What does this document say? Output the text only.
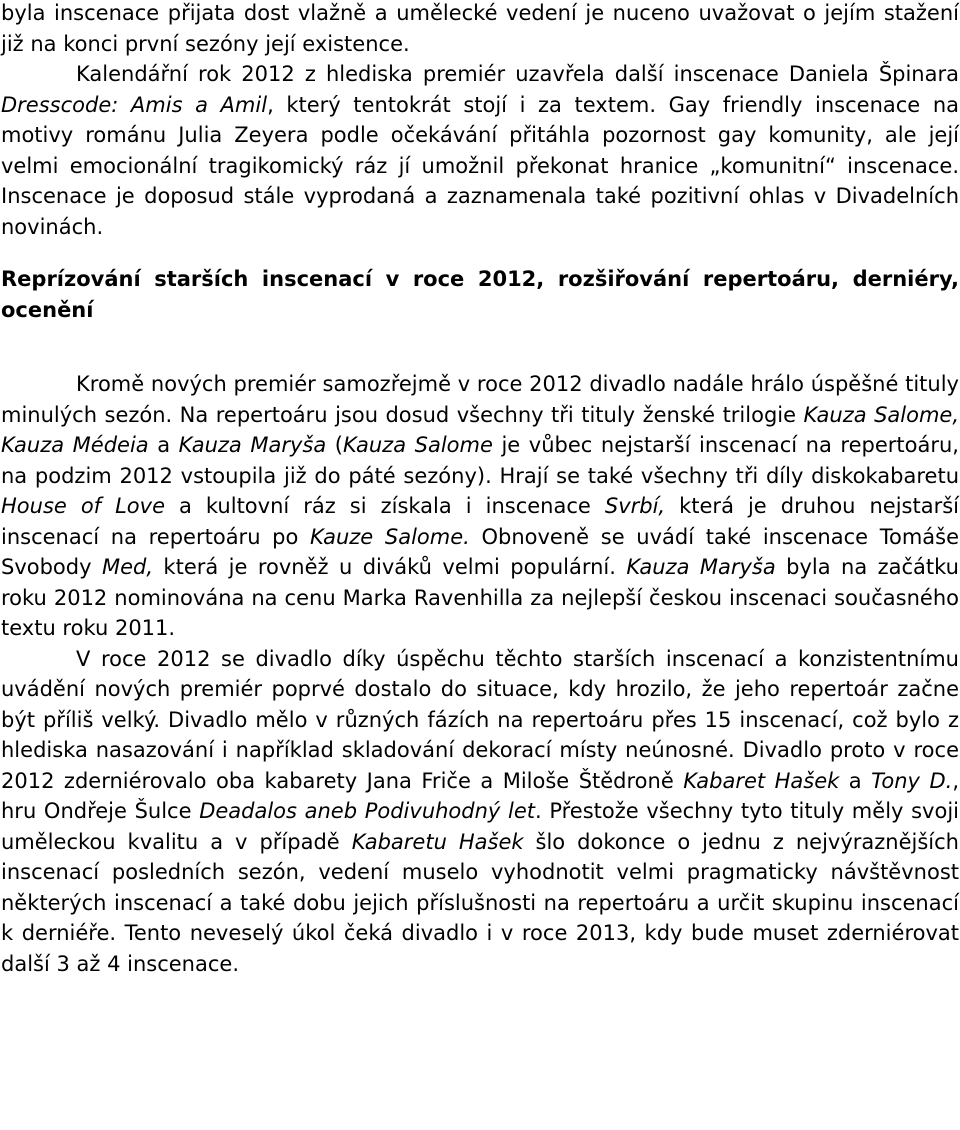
byla inscenace přijata dost vlažně a umělecké vedení je nuceno uvažovat o jejím stažení již na konci první sezóny její existence.

Kalendářní rok 2012 z hlediska premiér uzavřela další inscenace Daniela Špinara Dresscode: Amis a Amil, který tentokrát stojí i za textem. Gay friendly inscenace na motivy románu Julia Zeyera podle očekávání přitáhla pozornost gay komunity, ale její velmi emocionální tragikomický ráz jí umožnil překonat hranice „komunitní“ inscenace. Inscenace je doposud stále vyprodaná a zaznamenala také pozitivní ohlas v Divadelních novinách.

Reprízování starších inscenací v roce 2012, rozšiřování repertoáru, derniéry, ocenění

Kromě nových premiér samozřejmě v roce 2012 divadlo nadále hrálo úspěšné tituly minulých sezón. Na repertoáru jsou dosud všechny tři tituly ženské trilogie Kauza Salome, Kauza Médeia a Kauza Maryša (Kauza Salome je vůbec nejstarší inscenací na repertoáru, na podzim 2012 vstoupila již do páté sezóny). Hrají se také všechny tři díly diskokabaretu House of Love a kultovní ráz si získala i inscenace Svrbí, která je druhou nejstarší inscenací na repertoáru po Kauze Salome. Obnoveně se uvádí také inscenace Tomáše Svobody Med, která je rovněž u diváků velmi populární. Kauza Maryša byla na začátku roku 2012 nominována na cenu Marka Ravenhilla za nejlepší českou inscenaci současného textu roku 2011.

V roce 2012 se divadlo díky úspěchu těchto starších inscenací a konzistentnímu uvádění nových premiér poprvé dostalo do situace, kdy hrozilo, že jeho repertoár začne být příliš velký. Divadlo mělo v různých fázích na repertoáru přes 15 inscenací, což bylo z hlediska nasazování i například skladování dekorací místy neúnosné. Divadlo proto v roce 2012 zderniérovalo oba kabarety Jana Friče a Miloše Štědroně Kabaret Hašek a Tony D., hru Ondřeje Šulce Deadalos aneb Podivuhodný let. Přestože všechny tyto tituly měly svoji uměleckou kvalitu a v případě Kabaretu Hašek šlo dokonce o jednu z nejvýraznějších inscenací posledních sezón, vedení muselo vyhodnotit velmi pragmaticky návštěvnost některých inscenací a také dobu jejich příslušnosti na repertoáru a určit skupinu inscenací k derniéře. Tento neveselý úkol čeká divadlo i v roce 2013, kdy bude muset zderniérovat další 3 až 4 inscenace.
